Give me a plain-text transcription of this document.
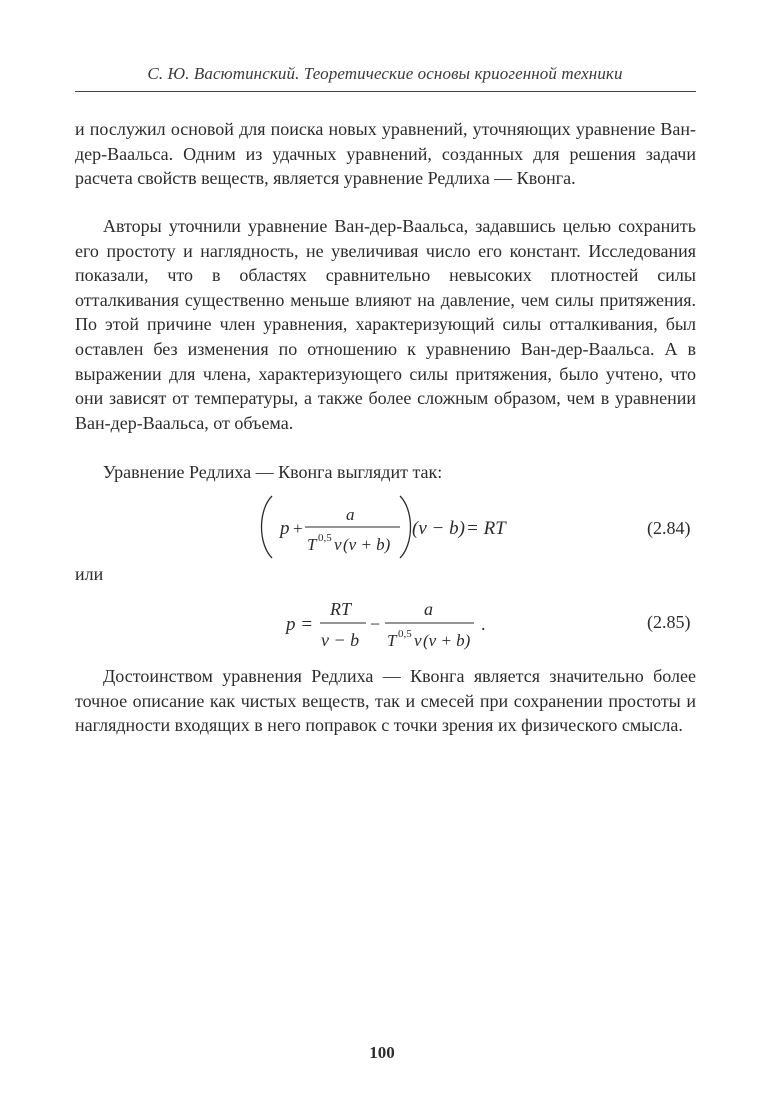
С. Ю. Васютинский. Теоретические основы криогенной техники

и послужил основой для поиска новых уравнений, уточняющих уравнение Ван-дер-Ваальса. Одним из удачных уравнений, созданных для решения задачи расчета свойств веществ, является уравнение Редлиха — Квонга.

Авторы уточнили уравнение Ван-дер-Ваальса, задавшись целью сохранить его простоту и наглядность, не увеличивая число его констант. Исследования показали, что в областях сравнительно невысоких плотностей силы отталкивания существенно меньше влияют на давление, чем силы притяжения. По этой причине член уравнения, характеризующий силы отталкивания, был оставлен без изменения по отношению к уравнению Ван-дер-Ваальса. А в выражении для члена, характеризующего силы притяжения, было учтено, что они зависят от температуры, а также более сложным образом, чем в уравнении Ван-дер-Ваальса, от объема.

Уравнение Редлиха — Квонга выглядит так:

p +
a
T 0,5 v (v + b)
(v − b) = RT	(2.84)
или
p =
RT
v − b
−
a
T 0,5 v (v + b)
.	(2.85)

Достоинством уравнения Редлиха — Квонга является значительно более точное описание как чистых веществ, так и смесей при сохранении простоты и наглядности входящих в него поправок с точки зрения их физического смысла.

100
